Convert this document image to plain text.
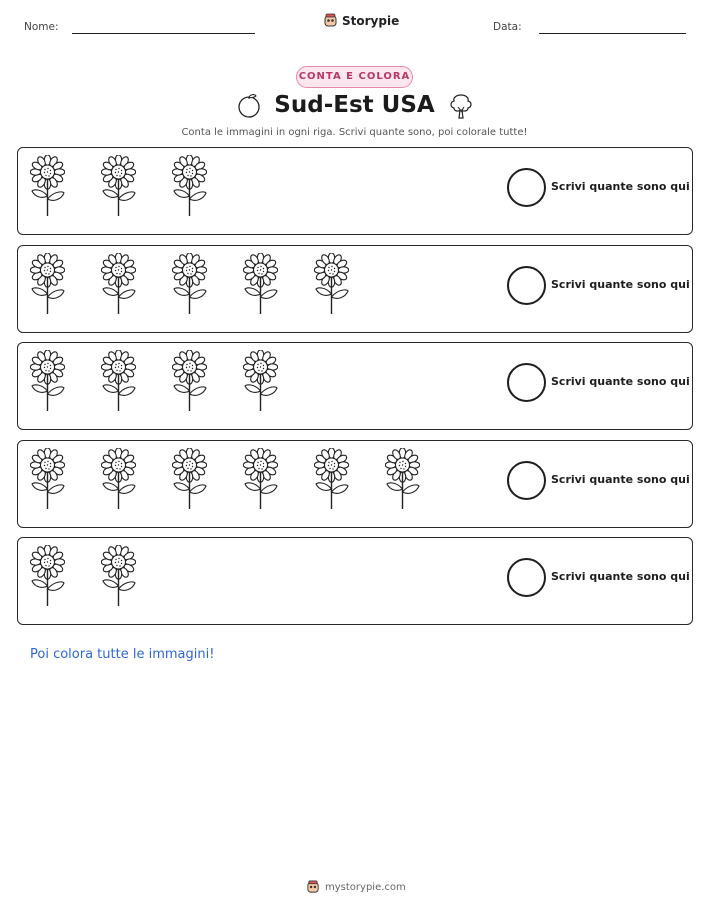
Nome:	Storypie	Data:
CONTA E COLORA
Sud-Est USA
Conta le immagini in ogni riga. Scrivi quante sono, poi colorale tutte!
Scrivi quante sono qui
Scrivi quante sono qui
Scrivi quante sono qui
Scrivi quante sono qui
Scrivi quante sono qui
Poi colora tutte le immagini!
mystorypie.com
